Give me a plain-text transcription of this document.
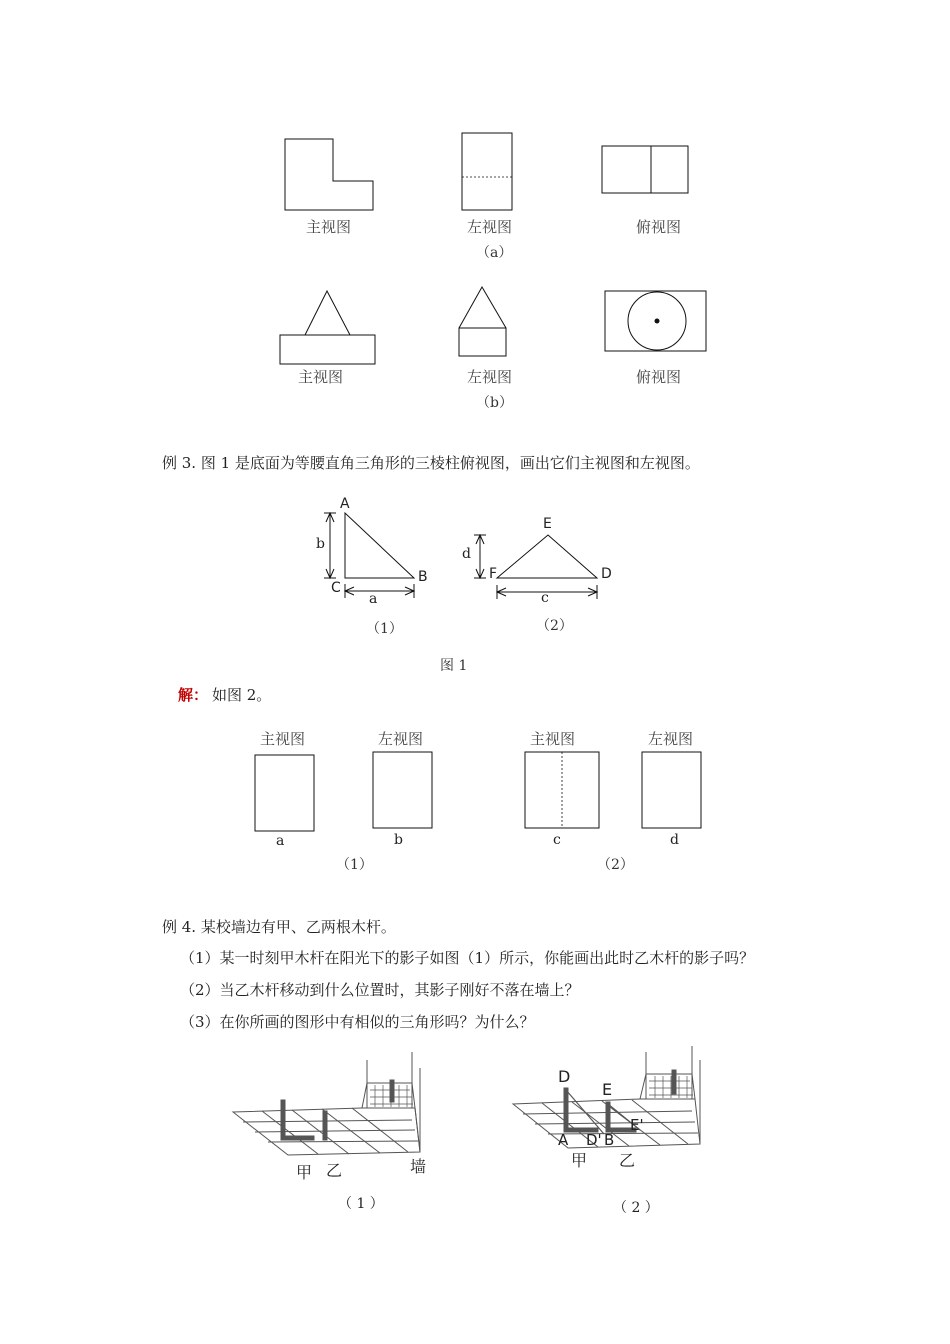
主视图	左视图	俯视图
（a）
主视图	左视图	俯视图
（b）
例 3. 图 1 是底面为等腰直角三角形的三棱柱俯视图，画出它们主视图和左视图。
A
b
C
B
a
（1）
E
d
F	D
c
（2）
图 1
解： 如图 2。
主视图	左视图
a	b
（1）
主视图	左视图
c	d
（2）
例 4. 某校墙边有甲、乙两根木杆。
（1）某一时刻甲木杆在阳光下的影子如图（1）所示，你能画出此时乙木杆的影子吗？
（2）当乙木杆移动到什么位置时，其影子刚好不落在墙上？
（3）在你所画的图形中有相似的三角形吗？为什么？
甲 乙	墙
（ 1 ）
D
E
E'
A D' B
甲 乙
（ 2 ）
